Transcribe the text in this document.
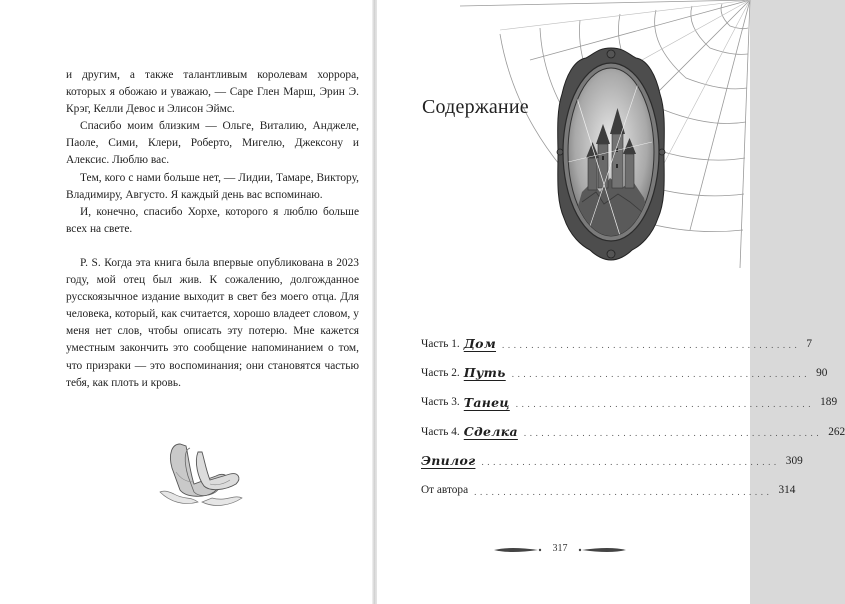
и другим, а также талантливым королевам хоррора, которых я обожаю и уважаю, — Саре Глен Марш, Эрин Э. Крэг, Келли Девос и Элисон Эймс.

Спасибо моим близким — Ольге, Виталию, Анджеле, Паоле, Сими, Клери, Роберто, Мигелю, Джексону и Алексис. Люблю вас.

Тем, кого с нами больше нет, — Лидии, Тамаре, Виктору, Владимиру, Августо. Я каждый день вас вспоминаю.

И, конечно, спасибо Хорхе, которого я люблю больше всех на свете.

P. S. Когда эта книга была впервые опубликована в 2023 году, мой отец был жив. К сожалению, долгожданное русскоязычное издание выходит в свет без моего отца. Для человека, который, как считается, хорошо владеет словом, у меня нет слов, чтобы описать эту потерю. Мне кажется уместным закончить это сообщение напоминанием о том, что призраки — это воспоминания; они становятся частью тебя, как плоть и кровь.

Содержание
Часть 1. Дом ................................................... 7
Часть 2. Путь ................................................... 90
Часть 3. Танец ................................................... 189
Часть 4. Сделка ................................................... 262
Эпилог ................................................... 309
От автора ................................................... 314
317
